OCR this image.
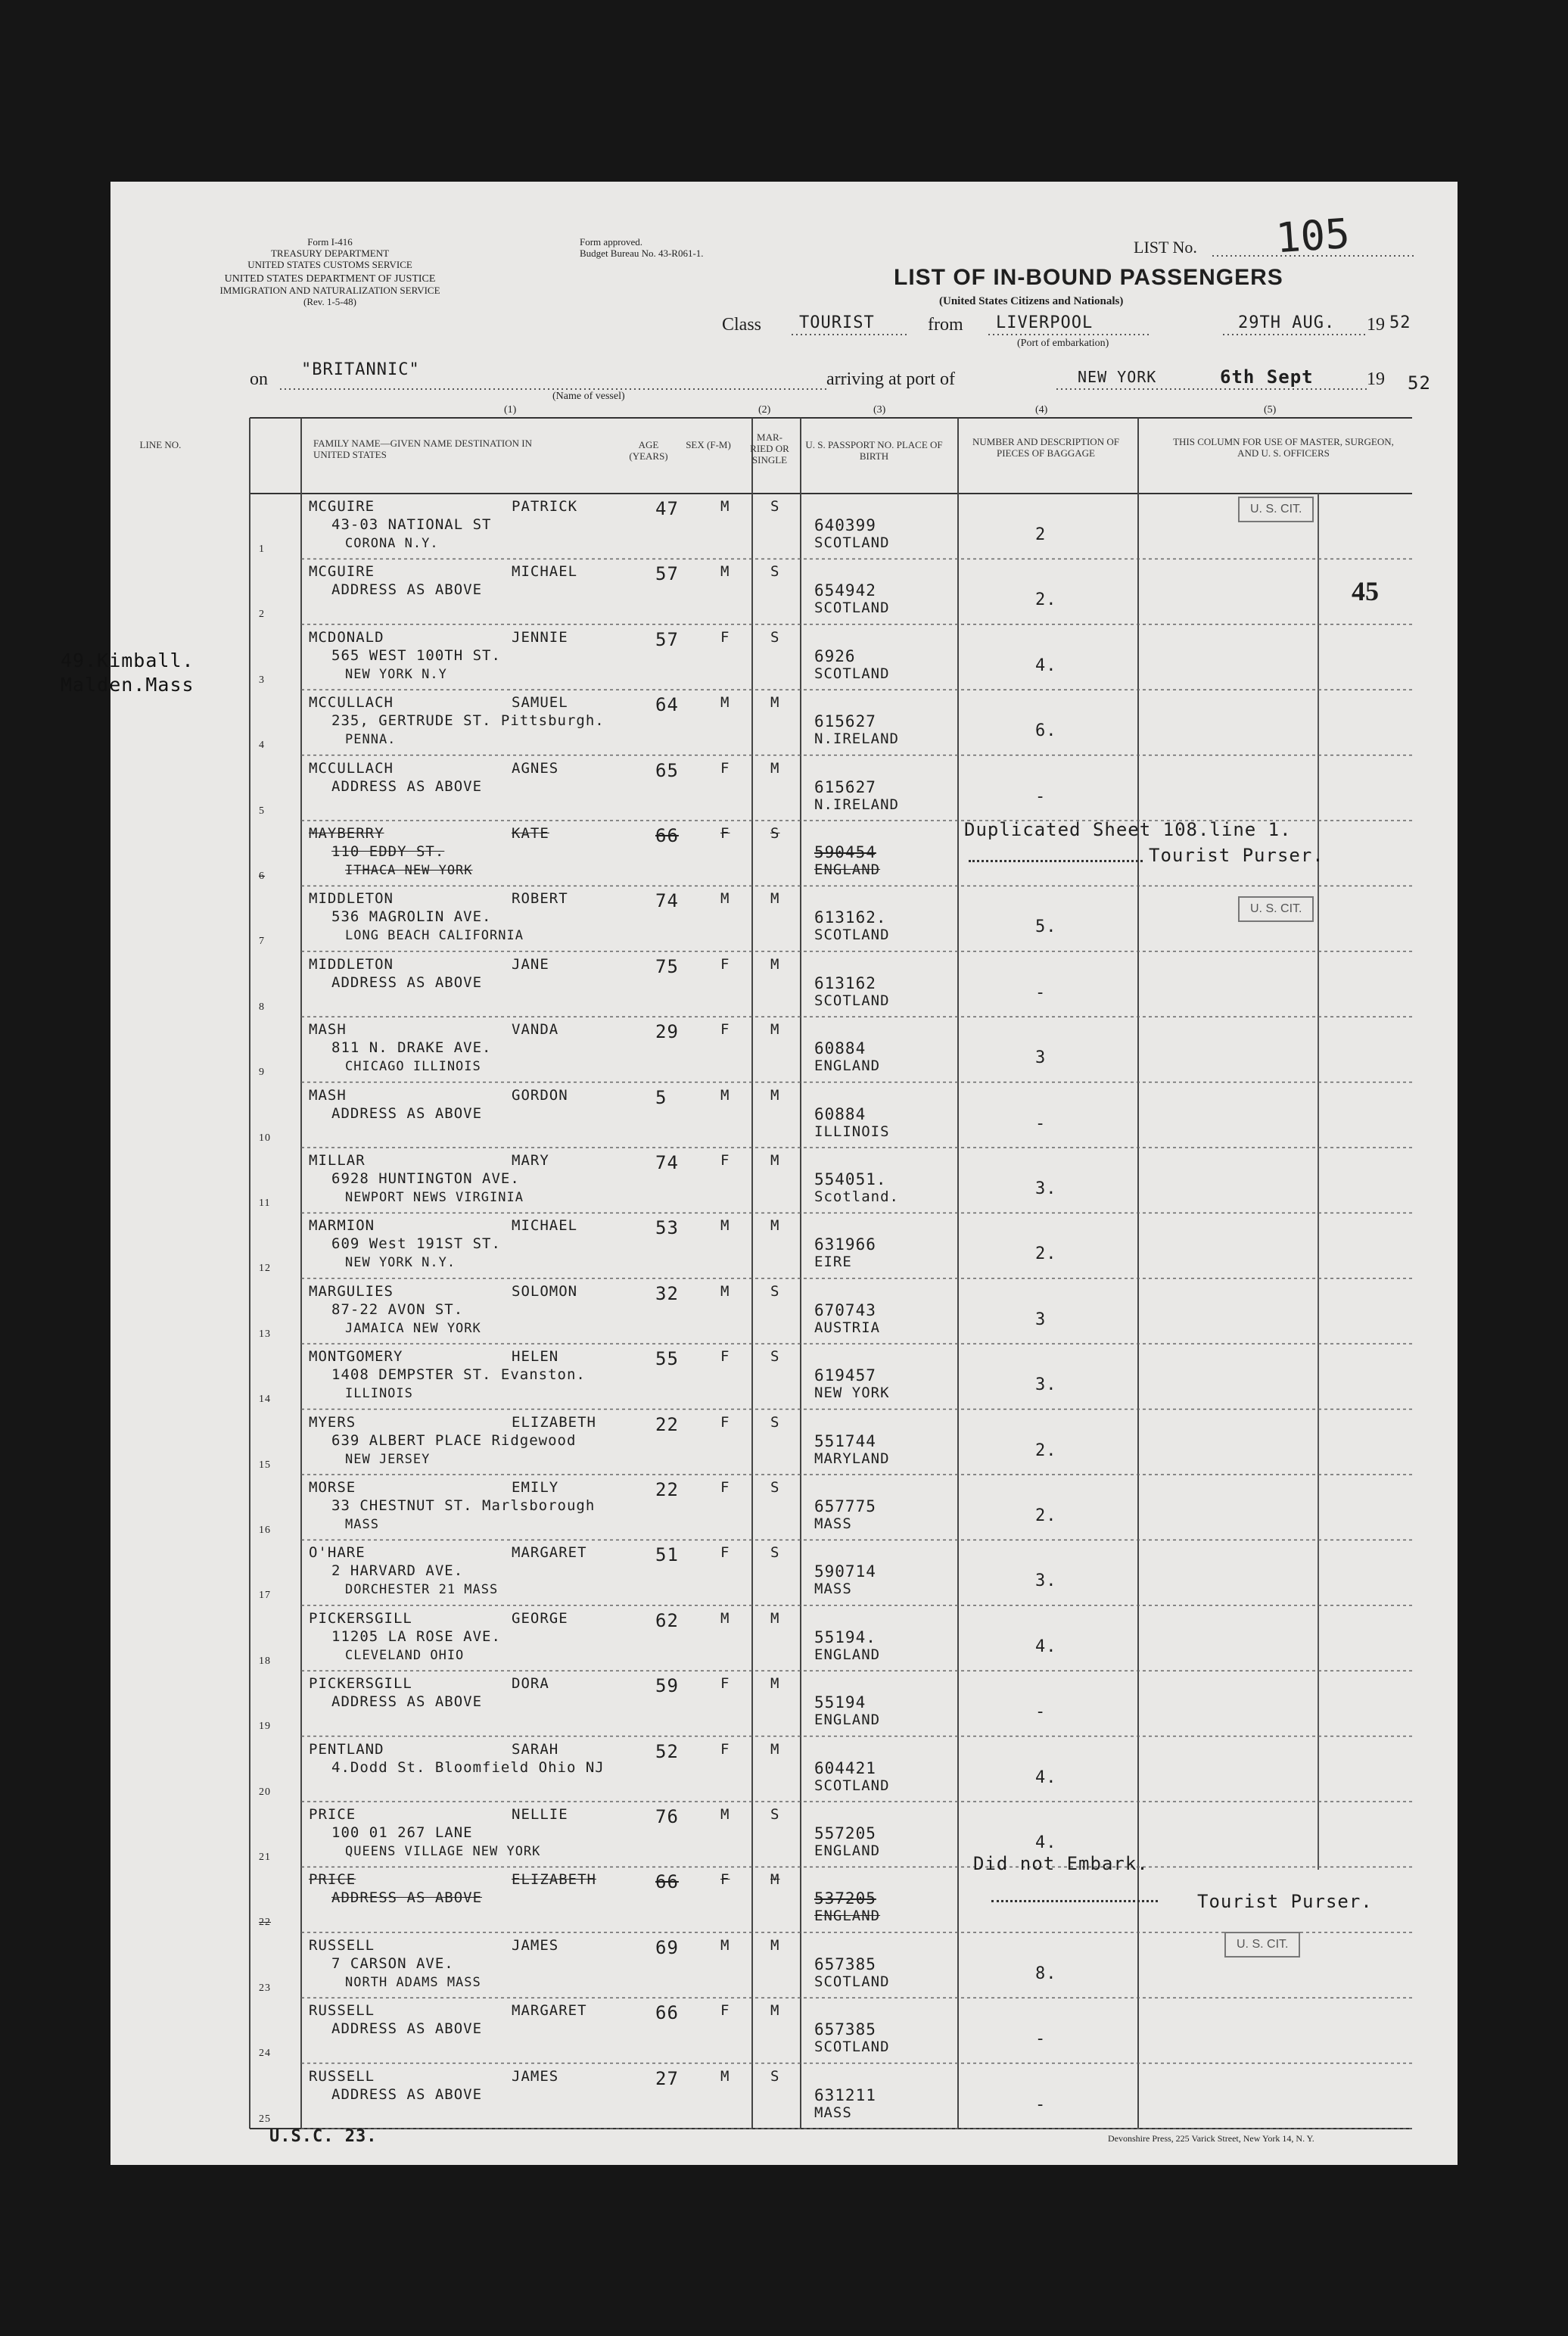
Form I-416
TREASURY DEPARTMENT
UNITED STATES CUSTOMS SERVICE
UNITED STATES DEPARTMENT OF JUSTICE
IMMIGRATION AND NATURALIZATION SERVICE
(Rev. 1-5-48)
Form approved.
Budget Bureau No. 43-R061-1.	LIST No. 105
LIST OF IN-BOUND PASSENGERS
(United States Citizens and Nationals)
Class TOURIST	from LIVERPOOL
(Port of embarkation)
29TH AUG. 19 52
on "BRITANNIC"
(Name of vessel)
arriving at port of	NEW YORK	6th Sept	19 52
(1)	(2)	(3)	(4)	(5)
LINE NO.	FAMILY NAME—GIVEN NAME DESTINATION IN UNITED STATES
AGE (YEARS)
SEX (F-M)
MAR-RIED OR SINGLE
U. S. PASSPORT NO. PLACE OF BIRTH
NUMBER AND DESCRIPTION OF PIECES OF BAGGAGE
THIS COLUMN FOR USE OF MASTER, SURGEON, AND U. S. OFFICERS
1
MCGUIRE	PATRICK
43-03 NATIONAL ST
CORONA N.Y.
47	M	S
640399
SCOTLAND	2
2
MCGUIRE	MICHAEL
ADDRESS AS ABOVE
57	M	S
654942
SCOTLAND	2.
3
MCDONALD	JENNIE
565 WEST 100TH ST.
NEW YORK N.Y
57	F	S
6926
SCOTLAND	4.
4
MCCULLACH	SAMUEL
235, GERTRUDE ST. Pittsburgh.
PENNA.
64	M	M
615627
N.IRELAND	6.
5
MCCULLACH	AGNES
ADDRESS AS ABOVE
65	F	M
615627
N.IRELAND	-
6
MAYBERRY	KATE
110 EDDY ST.
ITHACA NEW YORK
66	F	S
590454
ENGLAND
7
MIDDLETON	ROBERT
536 MAGROLIN AVE.
LONG BEACH CALIFORNIA
74	M	M
613162.
SCOTLAND	5.
8
MIDDLETON	JANE
ADDRESS AS ABOVE
75	F	M
613162
SCOTLAND	-
9
MASH	VANDA
811 N. DRAKE AVE.
CHICAGO ILLINOIS
29	F	M
60884
ENGLAND	3
10
MASH	GORDON
ADDRESS AS ABOVE
5	M	M
60884
ILLINOIS	-
11
MILLAR	MARY
6928 HUNTINGTON AVE.
NEWPORT NEWS VIRGINIA
74	F	M
554051.
Scotland.	3.
12
MARMION	MICHAEL
609 West 191ST ST.
NEW YORK N.Y.
53	M	M
631966
EIRE	2.
13
MARGULIES	SOLOMON
87-22 AVON ST.
JAMAICA NEW YORK
32	M	S
670743
AUSTRIA	3
14
MONTGOMERY	HELEN
1408 DEMPSTER ST. Evanston.
ILLINOIS
55	F	S
619457
NEW YORK	3.
15
MYERS	ELIZABETH
639 ALBERT PLACE Ridgewood
NEW JERSEY
22	F	S
551744
MARYLAND	2.
16
MORSE	EMILY
33 CHESTNUT ST. Marlsborough
MASS
22	F	S
657775
MASS	2.
17
O'HARE	MARGARET
2 HARVARD AVE.
DORCHESTER 21 MASS
51	F	S
590714
MASS	3.
18
PICKERSGILL	GEORGE
11205 LA ROSE AVE.
CLEVELAND OHIO
62	M	M
55194.
ENGLAND	4.
19
PICKERSGILL	DORA
ADDRESS AS ABOVE
59	F	M
55194
ENGLAND	-
20
PENTLAND	SARAH
4.Dodd St. Bloomfield Ohio NJ
52	F	M
604421
SCOTLAND	4.
21
PRICE	NELLIE
100 01 267 LANE
QUEENS VILLAGE NEW YORK
76	M	S
557205
ENGLAND	4.
22
PRICE	ELIZABETH
ADDRESS AS ABOVE
66	F	M
537205
ENGLAND
23
RUSSELL	JAMES
7 CARSON AVE.
NORTH ADAMS MASS
69	M	M
657385
SCOTLAND	8.
24
RUSSELL	MARGARET
ADDRESS AS ABOVE
66	F	M
657385
SCOTLAND	-
25
RUSSELL	JAMES
ADDRESS AS ABOVE
27	M	S
631211
MASS	-
U. S. CIT.
U. S. CIT.
U. S. CIT.
Duplicated Sheet 108.line 1.
Tourist Purser.
Did not Embark.
Tourist Purser.
45
U.S.C. 23.	Devonshire Press, 225 Varick Street, New York 14, N. Y.
49.Kimball.
Malden.Mass
